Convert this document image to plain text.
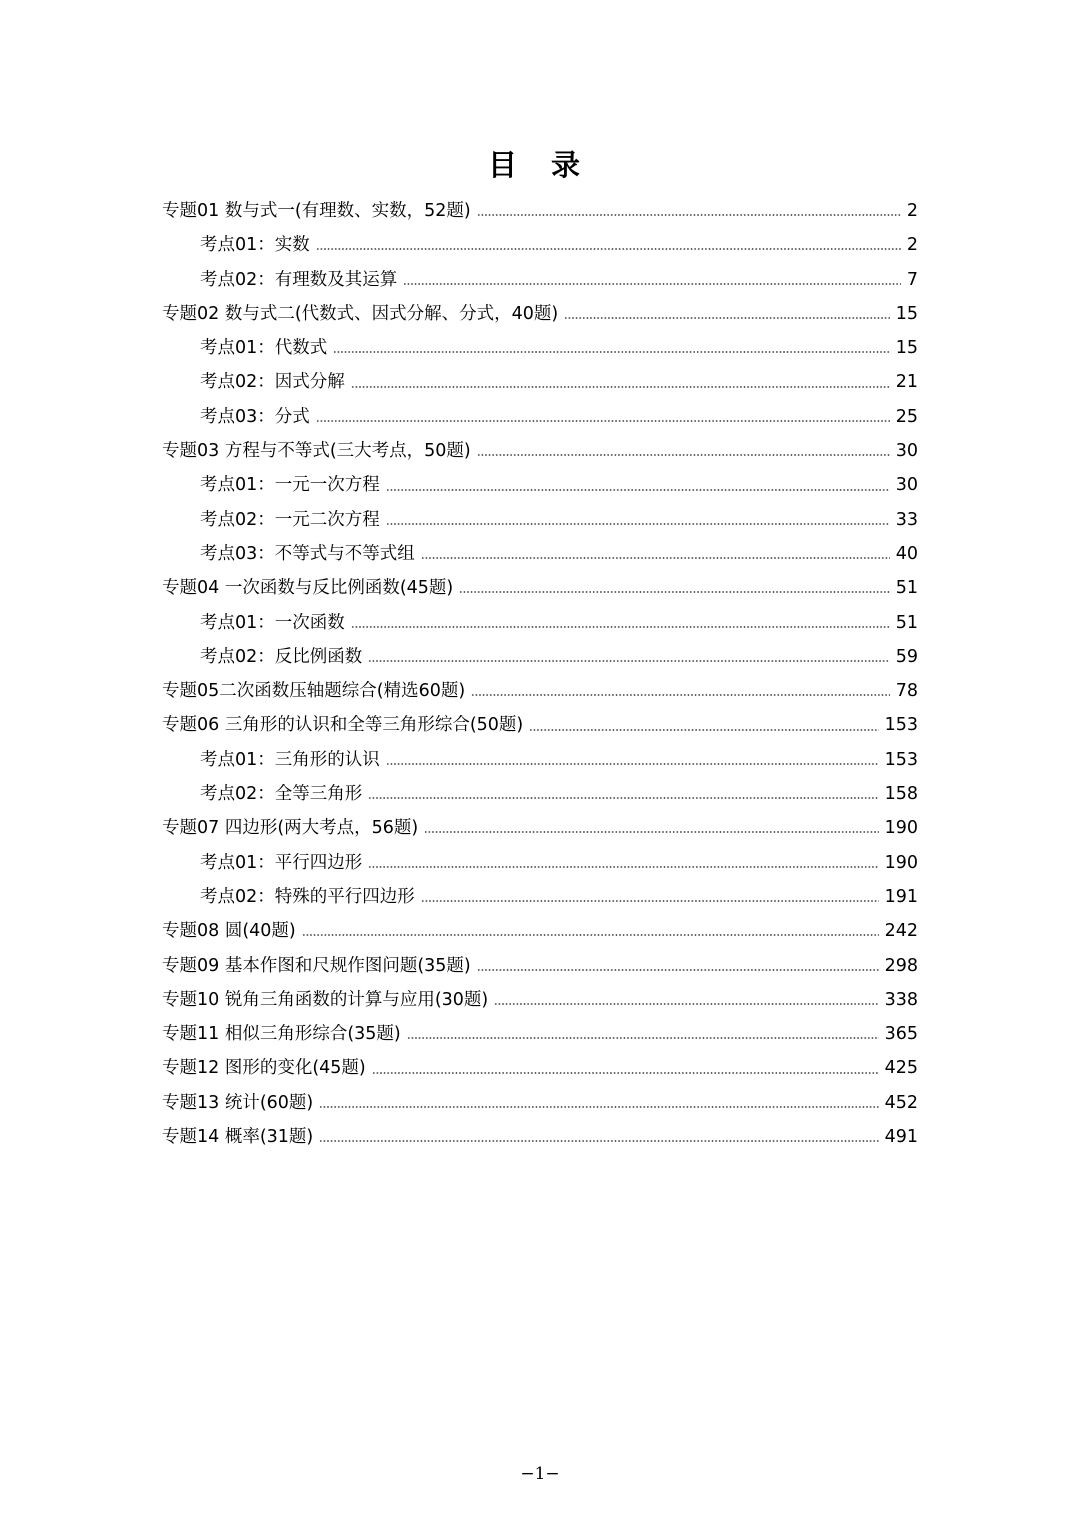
目 录
专题01 数与式一(有理数、实数，52题)	2
考点01：实数	2
考点02：有理数及其运算	7
专题02 数与式二(代数式、因式分解、分式，40题)	15
考点01：代数式	15
考点02：因式分解	21
考点03：分式	25
专题03 方程与不等式(三大考点，50题)	30
考点01：一元一次方程	30
考点02：一元二次方程	33
考点03：不等式与不等式组	40
专题04 一次函数与反比例函数(45题)	51
考点01：一次函数	51
考点02：反比例函数	59
专题05二次函数压轴题综合(精选60题)	78
专题06 三角形的认识和全等三角形综合(50题)	153
考点01：三角形的认识	153
考点02：全等三角形	158
专题07 四边形(两大考点，56题)	190
考点01：平行四边形	190
考点02：特殊的平行四边形	191
专题08 圆(40题)	242
专题09 基本作图和尺规作图问题(35题)	298
专题10 锐角三角函数的计算与应用(30题)	338
专题11 相似三角形综合(35题)	365
专题12 图形的变化(45题)	425
专题13 统计(60题)	452
专题14 概率(31题)	491
−1−
